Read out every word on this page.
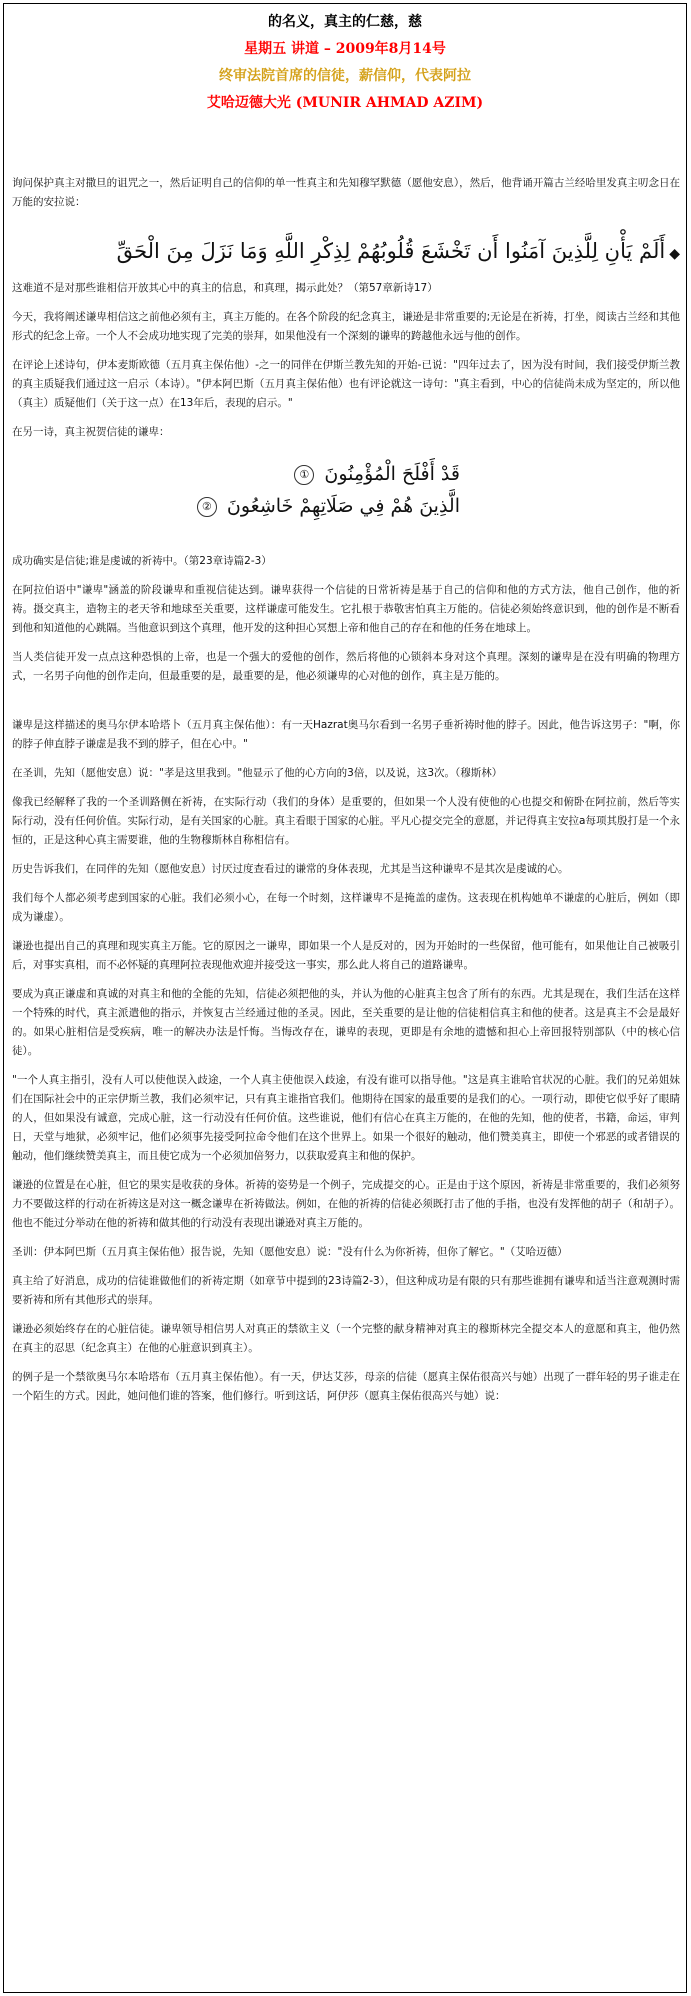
的名义，真主的仁慈，慈
星期五 讲道 – 2009年8月14号
终审法院首席的信徒，薪信仰，代表阿拉
艾哈迈德大光 (MUNIR AHMAD AZIM)
询问保护真主对撒旦的诅咒之一，然后证明自己的信仰的单一性真主和先知穆罕默德（愿他安息），然后，他背诵开篇古兰经哈里发真主叨念日在万能的安拉说：
◆أَلَمْ يَأْنِ لِلَّذِينَ آمَنُوا أَن تَخْشَعَ قُلُوبُهُمْ لِذِكْرِ اللَّهِ وَمَا نَزَلَ مِنَ الْحَقِّ
这难道不是对那些谁相信开放其心中的真主的信息，和真理，揭示此处？（第57章新诗17）
今天，我将阐述谦卑相信这之前他必须有主，真主万能的。在各个阶段的纪念真主，谦逊是非常重要的;无论是在祈祷，打坐，阅读古兰经和其他形式的纪念上帝。一个人不会成功地实现了完美的崇拜，如果他没有一个深刻的谦卑的跨越他永远与他的创作。
在评论上述诗句，伊本麦斯欧德（五月真主保佑他）-之一的同伴在伊斯兰教先知的开始-已说："四年过去了，因为没有时间，我们接受伊斯兰教的真主质疑我们通过这一启示（本诗）。"伊本阿巴斯（五月真主保佑他）也有评论就这一诗句："真主看到，中心的信徒尚未成为坚定的，所以他（真主）质疑他们（关于这一点）在13年后，表现的启示。"
在另一诗，真主祝贺信徒的谦卑：
قَدْ أَفْلَحَ الْمُؤْمِنُونَ ①
الَّذِينَ هُمْ فِي صَلَاتِهِمْ خَاشِعُونَ ②
成功确实是信徒;谁是虔诚的祈祷中。（第23章诗篇2-3）
在阿拉伯语中"谦卑"涵盖的阶段谦卑和重视信徒达到。谦卑获得一个信徒的日常祈祷是基于自己的信仰和他的方式方法，他自己创作，他的祈祷。摄交真主，造物主的老天爷和地球至关重要，这样谦虚可能发生。它扎根于恭敬害怕真主万能的。信徒必须始终意识到，他的创作是不断看到他和知道他的心跳隔。当他意识到这个真理，他开发的这种担心冥想上帝和他自己的存在和他的任务在地球上。
当人类信徒开发一点点这种恐惧的上帝，也是一个强大的爱他的创作，然后将他的心锁斜本身对这个真理。深刻的谦卑是在没有明确的物理方式，一名男子向他的创作走向，但最重要的是，最重要的是，他必须谦卑的心对他的创作，真主是万能的。
谦卑是这样描述的奥马尔伊本哈塔卜（五月真主保佑他）：有一天Hazrat奥马尔看到一名男子垂祈祷时他的脖子。因此，他告诉这男子："啊，你的脖子伸直脖子谦虚是我不到的脖子，但在心中。"
在圣训，先知（愿他安息）说："孝是这里我到。"他显示了他的心方向的3倍，以及说，这3次。（穆斯林）
像我已经解释了我的一个圣训路侧在祈祷，在实际行动（我们的身体）是重要的，但如果一个人没有使他的心也提交和俯卧在阿拉前，然后等实际行动，没有任何价值。实际行动，是有关国家的心脏。真主看眼于国家的心脏。平凡心提交完全的意愿，并记得真主安拉a每项其殷打是一个永恒的，正是这种心真主需要谁，他的生物穆斯林自称相信有。
历史告诉我们，在同伴的先知（愿他安息）讨厌过度查看过的谦常的身体表现，尤其是当这种谦卑不是其次是虔诚的心。
我们每个人都必须考虑到国家的心脏。我们必须小心，在每一个时刻，这样谦卑不是掩盖的虚伪。这表现在机构她单不谦虚的心脏后，例如（即成为谦虚）。
谦逊也提出自己的真理和现实真主万能。它的原因之一谦卑，即如果一个人是反对的，因为开始时的一些保留，他可能有，如果他让自己被吸引后，对事实真相，而不必怀疑的真理阿拉表现他欢迎并接受这一事实，那么此人将自己的道路谦卑。
要成为真正谦虚和真诚的对真主和他的全能的先知，信徒必须把他的头，并认为他的心脏真主包含了所有的东西。尤其是现在，我们生活在这样一个特殊的时代，真主派遣他的指示，并恢复古兰经通过他的圣灵。因此，至关重要的是让他的信徒相信真主和他的使者。这是真主不会是最好的。如果心脏相信是受疾病，唯一的解决办法是忏悔。当悔改存在，谦卑的表现，更即是有余地的遗憾和担心上帝回报特别部队（中的核心信徒）。
"一个人真主指引，没有人可以使他误入歧途，一个人真主使他误入歧途，有没有谁可以指导他。"这是真主谁哈官状况的心脏。我们的兄弟姐妹们在国际社会中的正宗伊斯兰教，我们必须牢记，只有真主谁指官我们。他期待在国家的最重要的是我们的心。一项行动，即使它似乎好了眼睛的人，但如果没有诚意，完成心脏，这一行动没有任何价值。这些谁说，他们有信心在真主万能的，在他的先知，他的使者，书籍，命运，审判日，天堂与地狱，必须牢记，他们必须事先接受阿拉命令他们在这个世界上。如果一个很好的触动，他们赞美真主，即使一个邪恶的或者错误的触动，他们继续赞美真主，而且使它成为一个必须加倍努力，以获取爱真主和他的保护。
谦逊的位置是在心脏，但它的果实是收获的身体。祈祷的姿势是一个例子，完成提交的心。正是由于这个原因，祈祷是非常重要的，我们必须努力不要做这样的行动在祈祷这是对这一概念谦卑在祈祷做法。例如，在他的祈祷的信徒必须既打击了他的手指，也没有发挥他的胡子（和胡子）。他也不能过分举动在他的祈祷和做其他的行动没有表现出谦逊对真主万能的。
圣训：伊本阿巴斯（五月真主保佑他）报告说，先知（愿他安息）说："没有什么为你祈祷，但你了解它。"（艾哈迈德）
真主给了好消息，成功的信徒谁做他们的祈祷定期（如章节中提到的23诗篇2-3），但这种成功是有限的只有那些谁拥有谦卑和适当注意观测时需要祈祷和所有其他形式的崇拜。
谦逊必须始终存在的心脏信徒。谦卑领导相信男人对真正的禁欲主义（一个完整的献身精神对真主的穆斯林完全提交本人的意愿和真主，他仍然在真主的忍思（纪念真主）在他的心脏意识到真主）。
的例子是一个禁欲奥马尔本哈塔布（五月真主保佑他）。有一天，伊达艾莎，母亲的信徒（愿真主保佑很高兴与她）出现了一群年轻的男子谁走在一个陌生的方式。因此，她问他们谁的答案，他们修行。听到这话，阿伊莎（愿真主保佑很高兴与她）说：
